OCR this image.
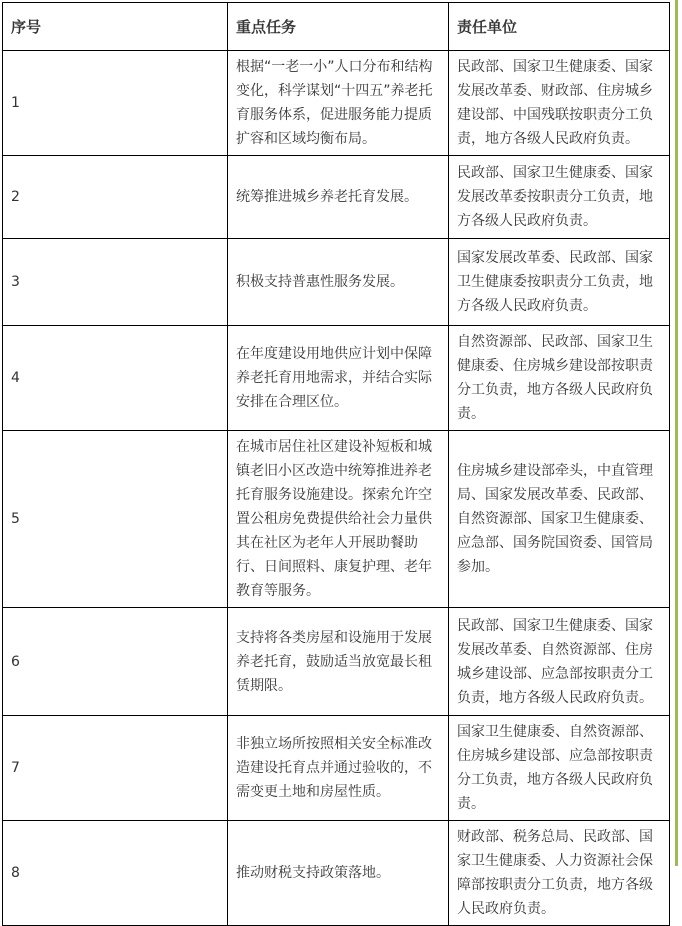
序号	重点任务	责任单位
1	根据“一老一小”人口分布和结构变化，科学谋划“十四五”养老托育服务体系，促进服务能力提质扩容和区域均衡布局。	民政部、国家卫生健康委、国家发展改革委、财政部、住房城乡建设部、中国残联按职责分工负责，地方各级人民政府负责。
2	统筹推进城乡养老托育发展。	民政部、国家卫生健康委、国家发展改革委按职责分工负责，地方各级人民政府负责。
3	积极支持普惠性服务发展。	国家发展改革委、民政部、国家卫生健康委按职责分工负责，地方各级人民政府负责。
4	在年度建设用地供应计划中保障养老托育用地需求，并结合实际安排在合理区位。	自然资源部、民政部、国家卫生健康委、住房城乡建设部按职责分工负责，地方各级人民政府负责。
5	在城市居住社区建设补短板和城镇老旧小区改造中统筹推进养老托育服务设施建设。探索允许空置公租房免费提供给社会力量供其在社区为老年人开展助餐助行、日间照料、康复护理、老年教育等服务。	住房城乡建设部牵头，中直管理局、国家发展改革委、民政部、自然资源部、国家卫生健康委、应急部、国务院国资委、国管局参加。
6	支持将各类房屋和设施用于发展养老托育，鼓励适当放宽最长租赁期限。	民政部、国家卫生健康委、国家发展改革委、自然资源部、住房城乡建设部、应急部按职责分工负责，地方各级人民政府负责。
7	非独立场所按照相关安全标准改造建设托育点并通过验收的，不需变更土地和房屋性质。	国家卫生健康委、自然资源部、住房城乡建设部、应急部按职责分工负责，地方各级人民政府负责。
8	推动财税支持政策落地。	财政部、税务总局、民政部、国家卫生健康委、人力资源社会保障部按职责分工负责，地方各级人民政府负责。
